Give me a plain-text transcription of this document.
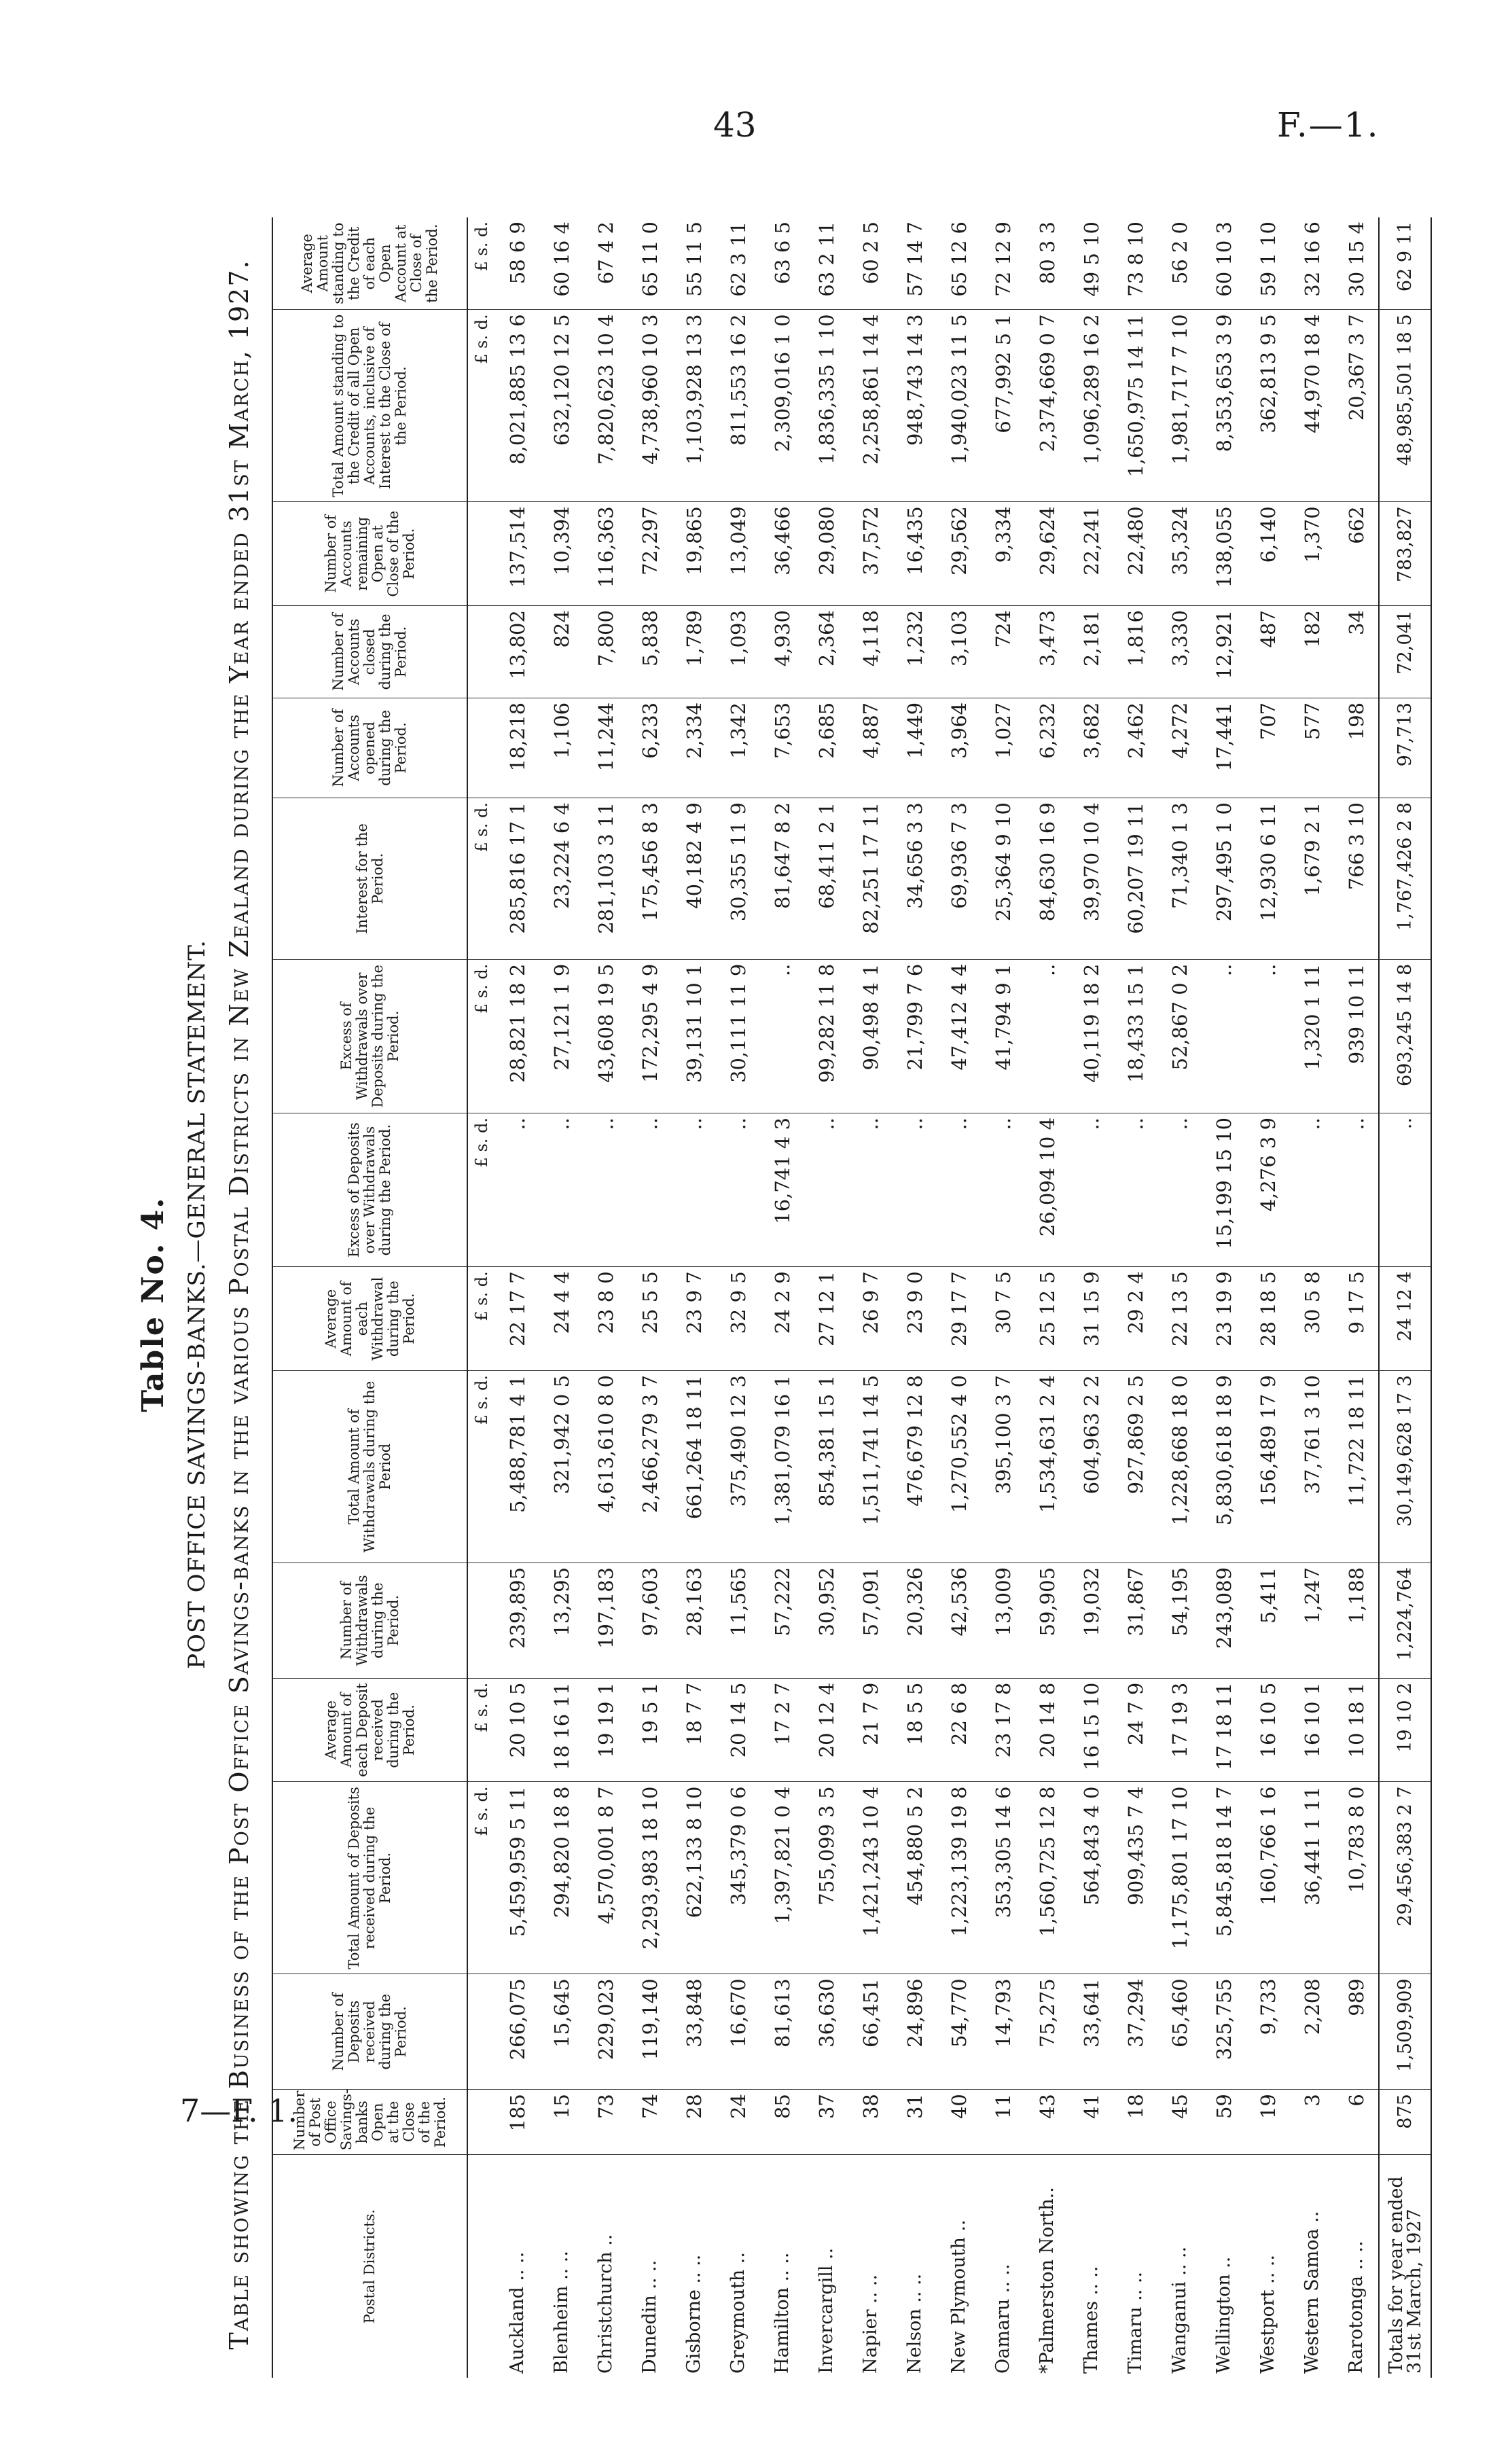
43	F.—1.
7—F. 1.
Table No. 4. POST OFFICE SAVINGS-BANKS.—GENERAL STATEMENT. Table showing the Business of the Post Office Savings-banks in the various Postal Districts in New Zealand during the Year ended 31st March, 1927.	Postal Districts.	Number of Post Office Savings-banks Open at the Close of the Period.	Number of Deposits received during the Period.	Total Amount of Deposits received during the Period.	Average Amount of each Deposit received during the Period.	Number of Withdrawals during the Period.	Total Amount of Withdrawals during the Period	Average Amount of each Withdrawal during the Period.	Excess of Deposits over Withdrawals during the Period.	Excess of Withdrawals over Deposits during the Period.	Interest for the Period.	Number of Accounts opened during the Period.	Number of Accounts closed during the Period.	Number of Accounts remaining Open at Close of the Period.	Total Amount standing to the Credit of all Open Accounts, inclusive of Interest to the Close of the Period.	Average Amount standing to the Credit of each Open Account at Close of the Period.
			£ s. d.	£ s. d.		£ s. d.	£ s. d.	£ s. d.	£ s. d.	£ s. d.				£ s. d.	£ s. d.
Auckland .. ..	185	266,075	5,459,959 5 11	20 10 5	239,895	5,488,781 4 1	22 17 7	..	28,821 18 2	285,816 17 1	18,218	13,802	137,514	8,021,885 13 6	58 6 9
Blenheim .. ..	15	15,645	294,820 18 8	18 16 11	13,295	321,942 0 5	24 4 4	..	27,121 1 9	23,224 6 4	1,106	824	10,394	632,120 12 5	60 16 4
Christchurch ..	73	229,023	4,570,001 8 7	19 19 1	197,183	4,613,610 8 0	23 8 0	..	43,608 19 5	281,103 3 11	11,244	7,800	116,363	7,820,623 10 4	67 4 2
Dunedin .. ..	74	119,140	2,293,983 18 10	19 5 1	97,603	2,466,279 3 7	25 5 5	..	172,295 4 9	175,456 8 3	6,233	5,838	72,297	4,738,960 10 3	65 11 0
Gisborne .. ..	28	33,848	622,133 8 10	18 7 7	28,163	661,264 18 11	23 9 7	..	39,131 10 1	40,182 4 9	2,334	1,789	19,865	1,103,928 13 3	55 11 5
Greymouth ..	24	16,670	345,379 0 6	20 14 5	11,565	375,490 12 3	32 9 5	..	30,111 11 9	30,355 11 9	1,342	1,093	13,049	811,553 16 2	62 3 11
Hamilton .. ..	85	81,613	1,397,821 0 4	17 2 7	57,222	1,381,079 16 1	24 2 9	16,741 4 3	..	81,647 8 2	7,653	4,930	36,466	2,309,016 1 0	63 6 5
Invercargill ..	37	36,630	755,099 3 5	20 12 4	30,952	854,381 15 1	27 12 1	..	99,282 11 8	68,411 2 1	2,685	2,364	29,080	1,836,335 1 10	63 2 11
Napier .. ..	38	66,451	1,421,243 10 4	21 7 9	57,091	1,511,741 14 5	26 9 7	..	90,498 4 1	82,251 17 11	4,887	4,118	37,572	2,258,861 14 4	60 2 5
Nelson .. ..	31	24,896	454,880 5 2	18 5 5	20,326	476,679 12 8	23 9 0	..	21,799 7 6	34,656 3 3	1,449	1,232	16,435	948,743 14 3	57 14 7
New Plymouth ..	40	54,770	1,223,139 19 8	22 6 8	42,536	1,270,552 4 0	29 17 7	..	47,412 4 4	69,936 7 3	3,964	3,103	29,562	1,940,023 11 5	65 12 6
Oamaru .. ..	11	14,793	353,305 14 6	23 17 8	13,009	395,100 3 7	30 7 5	..	41,794 9 1	25,364 9 10	1,027	724	9,334	677,992 5 1	72 12 9
*Palmerston North..	43	75,275	1,560,725 12 8	20 14 8	59,905	1,534,631 2 4	25 12 5	26,094 10 4	..	84,630 16 9	6,232	3,473	29,624	2,374,669 0 7	80 3 3
Thames .. ..	41	33,641	564,843 4 0	16 15 10	19,032	604,963 2 2	31 15 9	..	40,119 18 2	39,970 10 4	3,682	2,181	22,241	1,096,289 16 2	49 5 10
Timaru .. ..	18	37,294	909,435 7 4	24 7 9	31,867	927,869 2 5	29 2 4	..	18,433 15 1	60,207 19 11	2,462	1,816	22,480	1,650,975 14 11	73 8 10
Wanganui .. ..	45	65,460	1,175,801 17 10	17 19 3	54,195	1,228,668 18 0	22 13 5	..	52,867 0 2	71,340 1 3	4,272	3,330	35,324	1,981,717 7 10	56 2 0
Wellington ..	59	325,755	5,845,818 14 7	17 18 11	243,089	5,830,618 18 9	23 19 9	15,199 15 10	..	297,495 1 0	17,441	12,921	138,055	8,353,653 3 9	60 10 3
Westport .. ..	19	9,733	160,766 1 6	16 10 5	5,411	156,489 17 9	28 18 5	4,276 3 9	..	12,930 6 11	707	487	6,140	362,813 9 5	59 1 10
Western Samoa ..	3	2,208	36,441 1 11	16 10 1	1,247	37,761 3 10	30 5 8	..	1,320 1 11	1,679 2 1	577	182	1,370	44,970 18 4	32 16 6
Rarotonga .. ..	6	989	10,783 8 0	10 18 1	1,188	11,722 18 11	9 17 5	..	939 10 11	766 3 10	198	34	662	20,367 3 7	30 15 4
Totals for year ended 31st March, 1927	875	1,509,909	29,456,383 2 7	19 10 2	1,224,764	30,149,628 17 3	24 12 4	..	693,245 14 8	1,767,426 2 8	97,713	72,041	783,827	48,985,501 18 5	62 9 11
